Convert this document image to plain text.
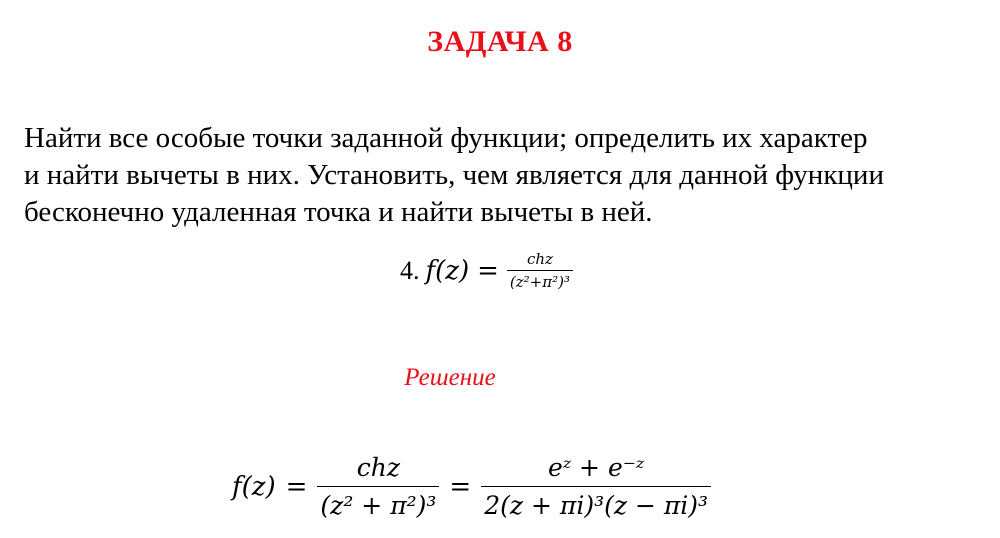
ЗАДАЧА 8
Найти все особые точки заданной функции; определить их характер
и найти вычеты в них. Установить, чем является для данной функции
бесконечно удаленная точка и найти вычеты в ней.
4. $f(z) = \frac{\text{chz}}{\text{(z²+π²)³}}$
Решение
$f(z) = \frac{\text{chz}}{\text{(z² + π²)³}} = \frac{\text{eᶻ + e⁻ᶻ}}{\text{2(z + πi)³(z − πi)³}}$
